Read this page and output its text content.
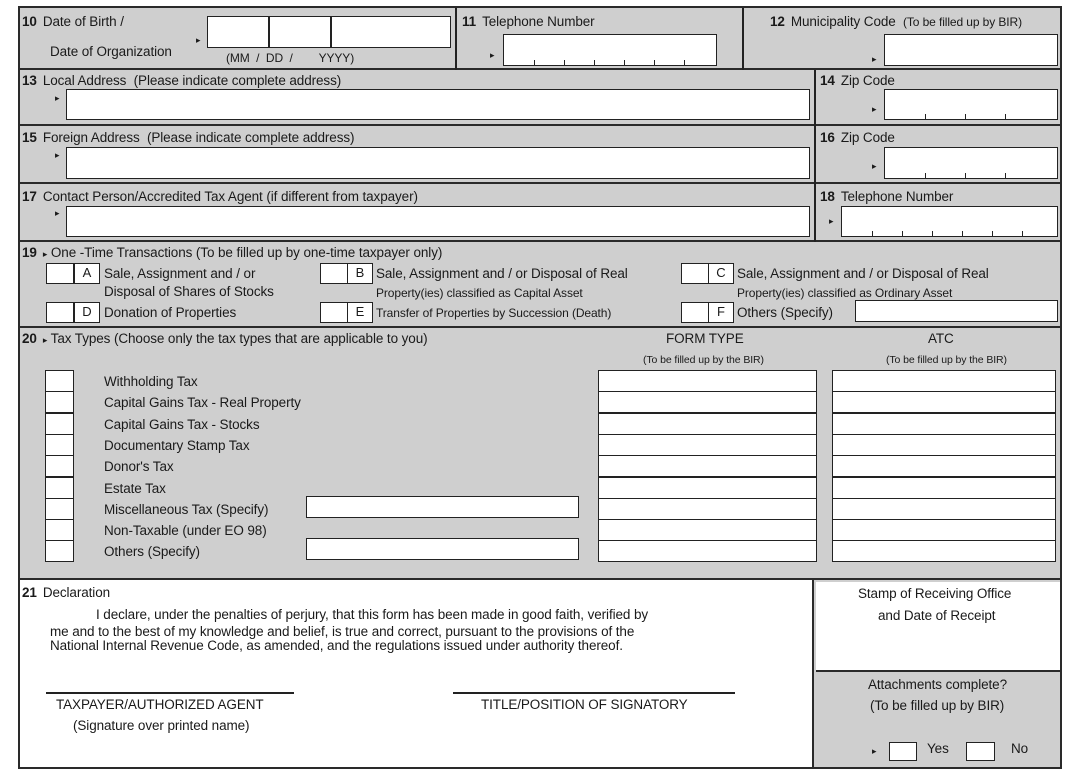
10 Date of Birth /
Date of Organization
▸
(MM / DD / YYYY)
11 Telephone Number
▸
12 Municipality Code (To be filled up by BIR)
▸
13 Local Address (Please indicate complete address)
▸
14 Zip Code
▸
15 Foreign Address (Please indicate complete address)
▸
16 Zip Code
▸
17 Contact Person/Accredited Tax Agent (if different from taxpayer)
▸
18 Telephone Number
▸
19 ▸ One -Time Transactions (To be filled up by one-time taxpayer only)
A Sale, Assignment and / or
Disposal of Shares of Stocks
B Sale, Assignment and / or Disposal of Real
Property(ies) classified as Capital Asset
C Sale, Assignment and / or Disposal of Real
Property(ies) classified as Ordinary Asset
D Donation of Properties	E Transfer of Properties by Succession (Death)	F Others (Specify)
20 ▸ Tax Types (Choose only the tax types that are applicable to you)	FORM TYPE
(To be filled up by the BIR)
ATC
(To be filled up by the BIR)
Withholding Tax
Capital Gains Tax - Real Property
Capital Gains Tax - Stocks
Documentary Stamp Tax
Donor's Tax
Estate Tax
Miscellaneous Tax (Specify)
Non-Taxable (under EO 98)
Others (Specify)
21 Declaration
I declare, under the penalties of perjury, that this form has been made in good faith, verified by
me and to the best of my knowledge and belief, is true and correct, pursuant to the provisions of the
National Internal Revenue Code, as amended, and the regulations issued under authority thereof.
TAXPAYER/AUTHORIZED AGENT
(Signature over printed name)
TITLE/POSITION OF SIGNATORY
Stamp of Receiving Office
and Date of Receipt
Attachments complete?
(To be filled up by BIR)
▸	Yes	No
